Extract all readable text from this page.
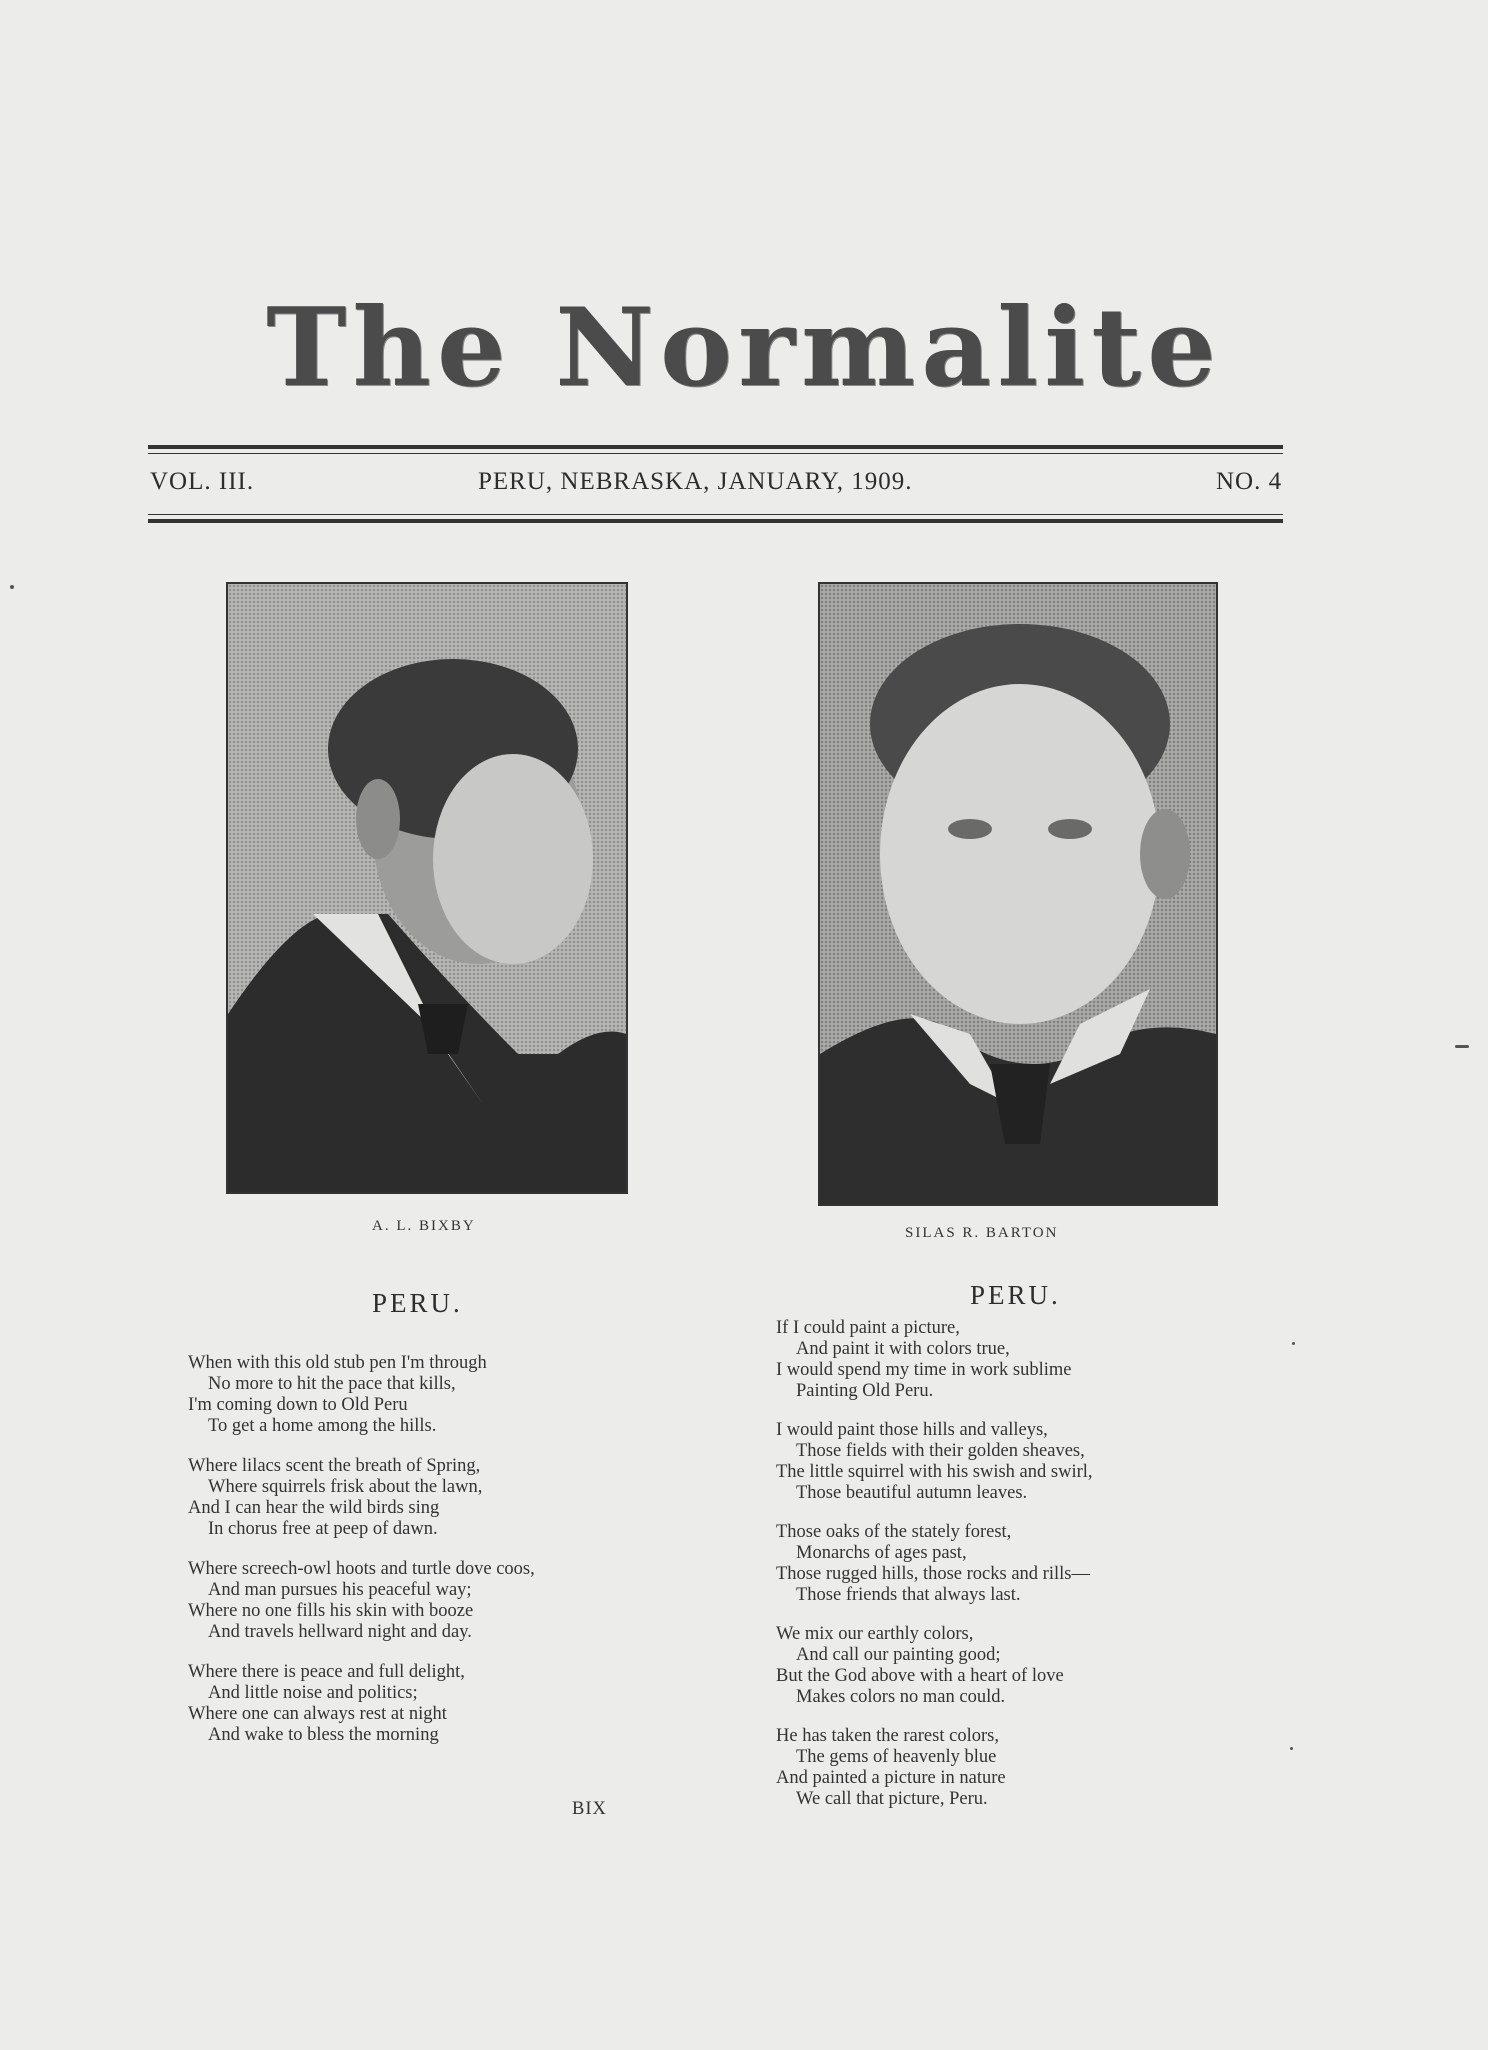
The Normalite
VOL. III.	PERU, NEBRASKA, JANUARY, 1909.	NO. 4
A. L. BIXBY	SILAS R. BARTON
PERU.	PERU.
When with this old stub pen I'm through
No more to hit the pace that kills,
I'm coming down to Old Peru
To get a home among the hills.
Where lilacs scent the breath of Spring,
Where squirrels frisk about the lawn,
And I can hear the wild birds sing
In chorus free at peep of dawn.
Where screech-owl hoots and turtle dove coos,
And man pursues his peaceful way;
Where no one fills his skin with booze
And travels hellward night and day.
Where there is peace and full delight,
And little noise and politics;
Where one can always rest at night
And wake to bless the morning
BIX
If I could paint a picture,
And paint it with colors true,
I would spend my time in work sublime
Painting Old Peru.
I would paint those hills and valleys,
Those fields with their golden sheaves,
The little squirrel with his swish and swirl,
Those beautiful autumn leaves.
Those oaks of the stately forest,
Monarchs of ages past,
Those rugged hills, those rocks and rills—
Those friends that always last.
We mix our earthly colors,
And call our painting good;
But the God above with a heart of love
Makes colors no man could.
He has taken the rarest colors,
The gems of heavenly blue
And painted a picture in nature
We call that picture, Peru.
